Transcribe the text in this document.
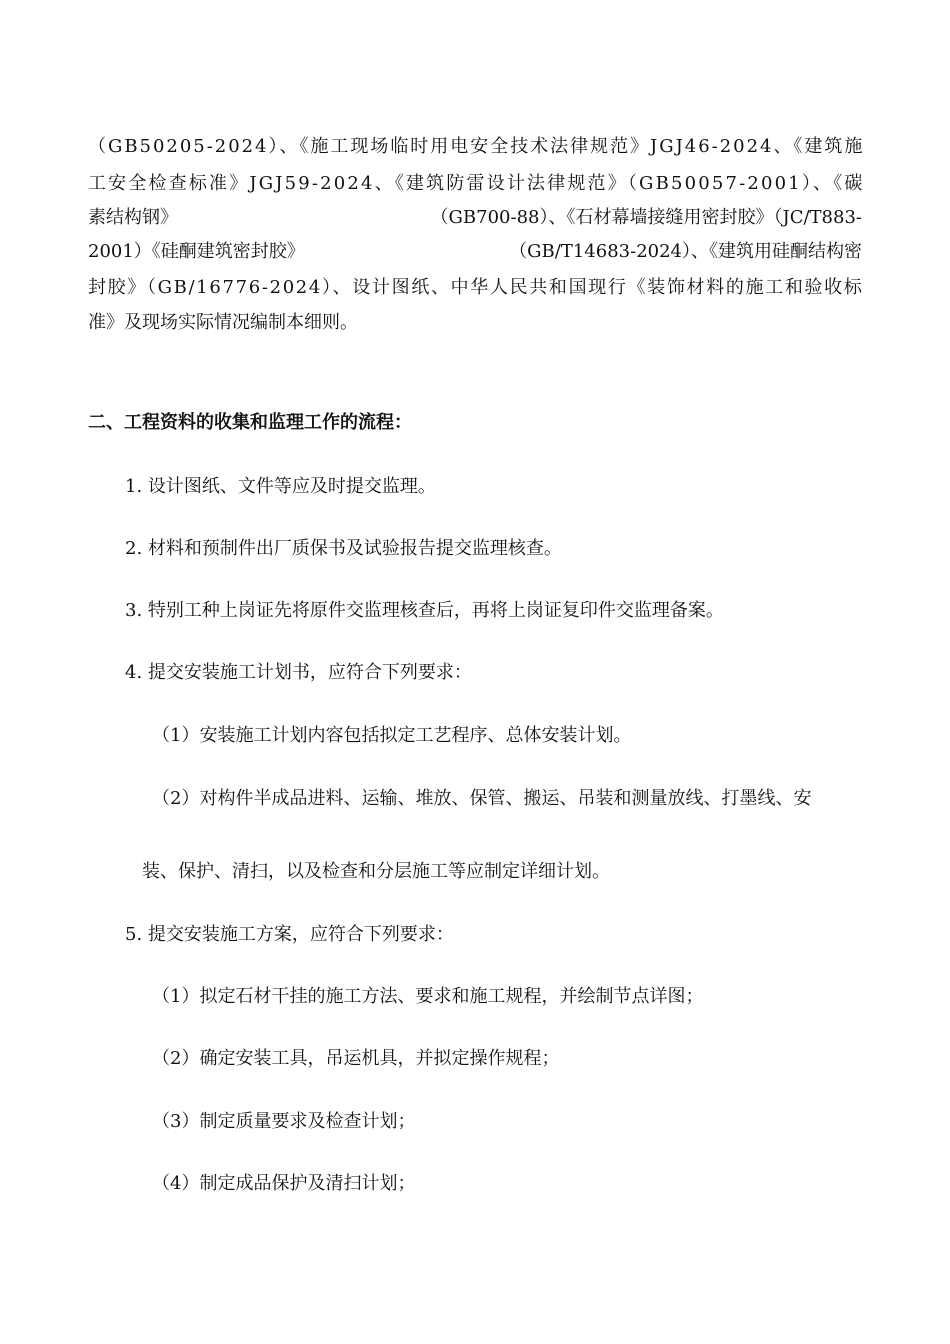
（GB50205-2024）、《施工现场临时用电安全技术法律规范》JGJ46-2024、《建筑施
工安全检查标准》JGJ59-2024、《建筑防雷设计法律规范》（GB50057-2001）、《碳
素结构钢》	（GB700-88）、《石材幕墙接缝用密封胶》（JC/T883-
2001）《硅酮建筑密封胶》	（GB/T14683-2024）、《建筑用硅酮结构密
封胶》（GB/16776-2024）、设计图纸、中华人民共和国现行《装饰材料的施工和验收标
准》及现场实际情况编制本细则。
二、工程资料的收集和监理工作的流程：
1. 设计图纸、文件等应及时提交监理。
2. 材料和预制件出厂质保书及试验报告提交监理核查。
3. 特别工种上岗证先将原件交监理核查后，再将上岗证复印件交监理备案。
4. 提交安装施工计划书，应符合下列要求：
（1）安装施工计划内容包括拟定工艺程序、总体安装计划。
（2）对构件半成品进料、运输、堆放、保管、搬运、吊装和测量放线、打墨线、安
装、保护、清扫，以及检查和分层施工等应制定详细计划。
5. 提交安装施工方案，应符合下列要求：
（1）拟定石材干挂的施工方法、要求和施工规程，并绘制节点详图；
（2）确定安装工具，吊运机具，并拟定操作规程；
（3）制定质量要求及检查计划；
（4）制定成品保护及清扫计划；
